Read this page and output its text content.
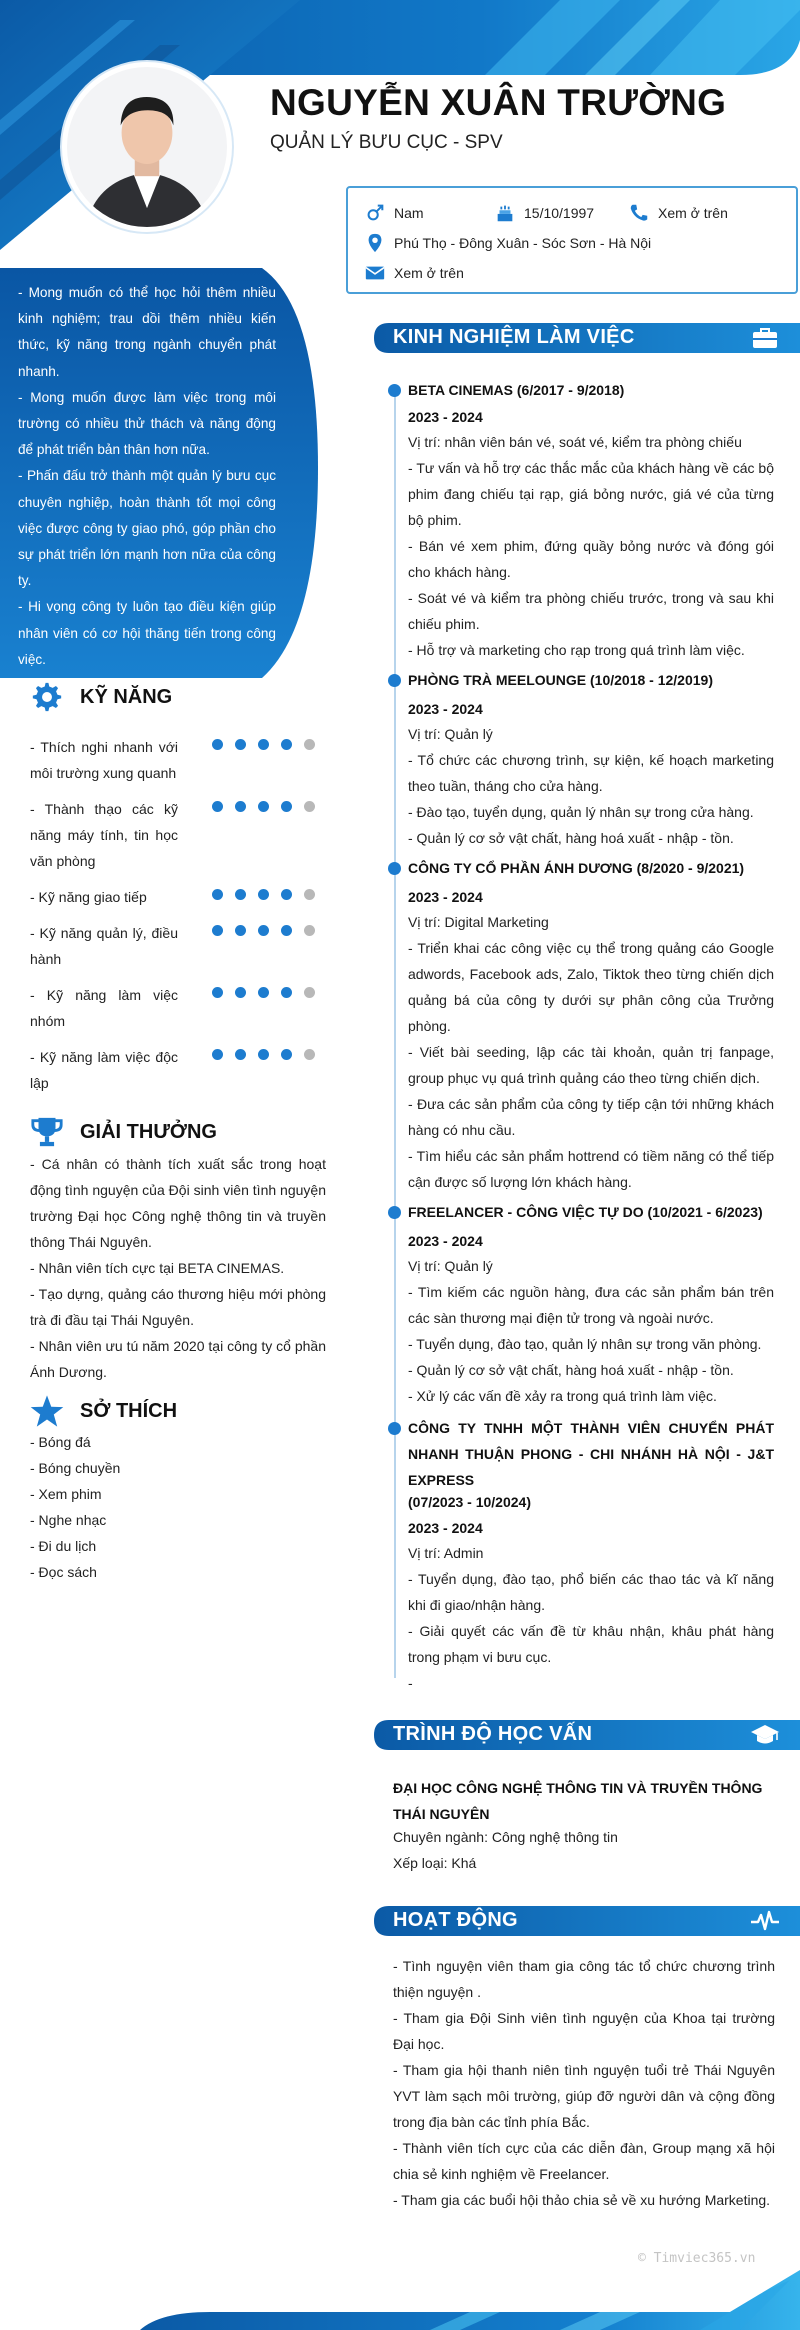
NGUYỄN XUÂN TRƯỜNG
QUẢN LÝ BƯU CỤC - SPV
Nam	15/10/1997	Xem ở trên
Phú Thọ - Đông Xuân - Sóc Sơn - Hà Nội
Xem ở trên

- Mong muốn có thể học hỏi thêm nhiều kinh nghiệm; trau dồi thêm nhiều kiến thức, kỹ năng trong ngành chuyển phát nhanh.

- Mong muốn được làm việc trong môi trường có nhiều thử thách và năng động để phát triển bản thân hơn nữa.

- Phấn đấu trở thành một quản lý bưu cục chuyên nghiệp, hoàn thành tốt mọi công việc được công ty giao phó, góp phần cho sự phát triển lớn mạnh hơn nữa của công ty.

- Hi vọng công ty luôn tạo điều kiện giúp nhân viên có cơ hội thăng tiến trong công việc.

KỸ NĂNG
- Thích nghi nhanh với môi trường xung quanh
- Thành thạo các kỹ năng máy tính, tin học văn phòng
- Kỹ năng giao tiếp
- Kỹ năng quản lý, điều hành
- Kỹ năng làm việc nhóm
- Kỹ năng làm việc độc lập
GIẢI THƯỞNG
- Cá nhân có thành tích xuất sắc trong hoạt động tình nguyện của Đội sinh viên tình nguyện trường Đại học Công nghệ thông tin và truyền thông Thái Nguyên.
- Nhân viên tích cực tại BETA CINEMAS.
- Tạo dựng, quảng cáo thương hiệu mới phòng trà đi đầu tại Thái Nguyên.
- Nhân viên ưu tú năm 2020 tại công ty cổ phần Ánh Dương.
SỞ THÍCH
- Bóng đá
- Bóng chuyền
- Xem phim
- Nghe nhạc
- Đi du lịch
- Đọc sách
KINH NGHIỆM LÀM VIỆC
BETA CINEMAS (6/2017 - 9/2018)
2023 - 2024
Vị trí: nhân viên bán vé, soát vé, kiểm tra phòng chiếu
- Tư vấn và hỗ trợ các thắc mắc của khách hàng về các bộ phim đang chiếu tại rạp, giá bỏng nước, giá vé của từng bộ phim.
- Bán vé xem phim, đứng quầy bỏng nước và đóng gói cho khách hàng.
- Soát vé và kiểm tra phòng chiếu trước, trong và sau khi chiếu phim.
- Hỗ trợ và marketing cho rạp trong quá trình làm việc.
PHÒNG TRÀ MEELOUNGE (10/2018 - 12/2019)
2023 - 2024
Vị trí: Quản lý
- Tổ chức các chương trình, sự kiện, kế hoạch marketing theo tuần, tháng cho cửa hàng.
- Đào tạo, tuyển dụng, quản lý nhân sự trong cửa hàng.
- Quản lý cơ sở vật chất, hàng hoá xuất - nhập - tồn.
CÔNG TY CỔ PHẦN ÁNH DƯƠNG (8/2020 - 9/2021)
2023 - 2024
Vị trí: Digital Marketing
- Triển khai các công việc cụ thể trong quảng cáo Google adwords, Facebook ads, Zalo, Tiktok theo từng chiến dịch quảng bá của công ty dưới sự phân công của Trưởng phòng.
- Viết bài seeding, lập các tài khoản, quản trị fanpage, group phục vụ quá trình quảng cáo theo từng chiến dịch.
- Đưa các sản phẩm của công ty tiếp cận tới những khách hàng có nhu cầu.
- Tìm hiểu các sản phẩm hottrend có tiềm năng có thể tiếp cận được số lượng lớn khách hàng.
FREELANCER - CÔNG VIỆC TỰ DO (10/2021 - 6/2023)
2023 - 2024
Vị trí: Quản lý
- Tìm kiếm các nguồn hàng, đưa các sản phẩm bán trên các sàn thương mại điện tử trong và ngoài nước.
- Tuyển dụng, đào tạo, quản lý nhân sự trong văn phòng.
- Quản lý cơ sở vật chất, hàng hoá xuất - nhập - tồn.
- Xử lý các vấn đề xảy ra trong quá trình làm việc.
CÔNG TY TNHH MỘT THÀNH VIÊN CHUYỂN PHÁT NHANH THUẬN PHONG - CHI NHÁNH HÀ NỘI - J&T EXPRESS
(07/2023 - 10/2024)
2023 - 2024
Vị trí: Admin
- Tuyển dụng, đào tạo, phổ biến các thao tác và kĩ năng khi đi giao/nhận hàng.
- Giải quyết các vấn đề từ khâu nhận, khâu phát hàng trong phạm vi bưu cục.
-
TRÌNH ĐỘ HỌC VẤN
ĐẠI HỌC CÔNG NGHỆ THÔNG TIN VÀ TRUYỀN THÔNG THÁI NGUYÊN
Chuyên ngành: Công nghệ thông tin
Xếp loại: Khá
HOẠT ĐỘNG
- Tình nguyện viên tham gia công tác tổ chức chương trình thiện nguyện .
- Tham gia Đội Sinh viên tình nguyện của Khoa tại trường Đại học.
- Tham gia hội thanh niên tình nguyện tuổi trẻ Thái Nguyên YVT làm sạch môi trường, giúp đỡ người dân và cộng đồng trong địa bàn các tỉnh phía Bắc.
- Thành viên tích cực của các diễn đàn, Group mạng xã hội chia sẻ kinh nghiệm về Freelancer.
- Tham gia các buổi hội thảo chia sẻ về xu hướng Marketing.
© Timviec365.vn
